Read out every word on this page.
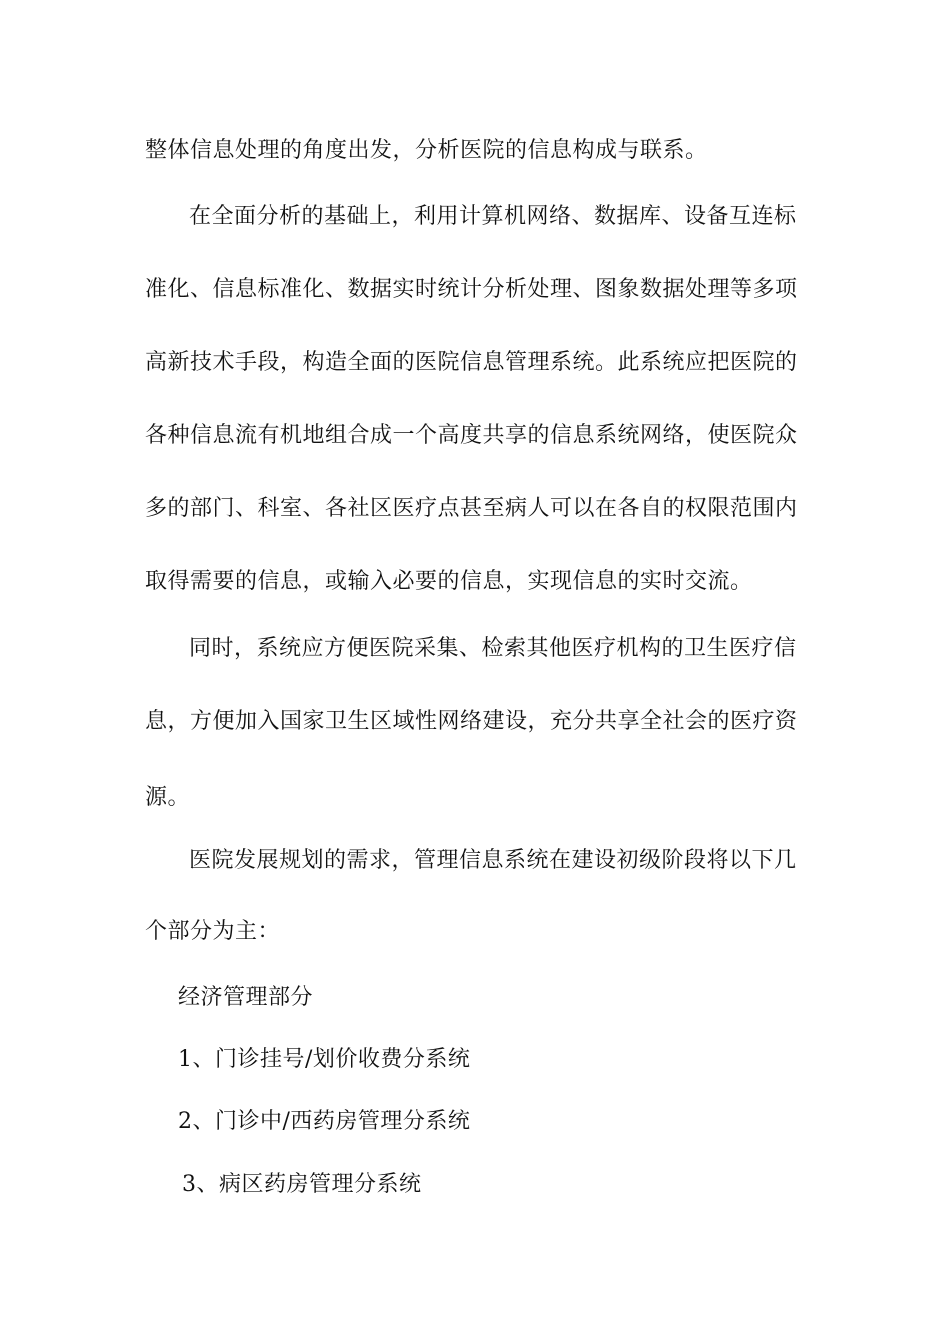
整体信息处理的角度出发，分析医院的信息构成与联系。
在全面分析的基础上，利用计算机网络、数据库、设备互连标
准化、信息标准化、数据实时统计分析处理、图象数据处理等多项
高新技术手段，构造全面的医院信息管理系统。此系统应把医院的
各种信息流有机地组合成一个高度共享的信息系统网络，使医院众
多的部门、科室、各社区医疗点甚至病人可以在各自的权限范围内
取得需要的信息，或输入必要的信息，实现信息的实时交流。
同时，系统应方便医院采集、检索其他医疗机构的卫生医疗信
息，方便加入国家卫生区域性网络建设，充分共享全社会的医疗资
源。
医院发展规划的需求，管理信息系统在建设初级阶段将以下几
个部分为主：
经济管理部分
1、门诊挂号/划价收费分系统
2、门诊中/西药房管理分系统
3、病区药房管理分系统
